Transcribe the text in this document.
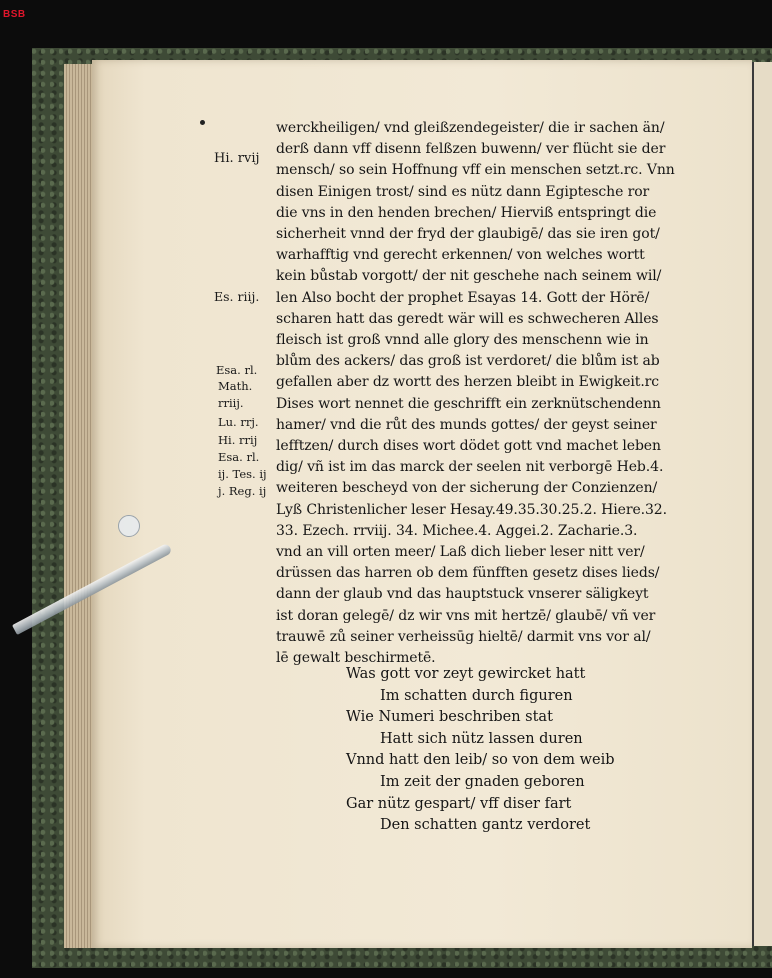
BSB
Hi. rvij
Es. riij.
Esa. rl.
Math.
rriij.
Lu. rrj.
Hi. rrij
Esa. rl.
ij. Tes. ij
j. Reg. ij
werckheiligen/ vnd gleißzendegeister/ die ir sachen än/
derß dann vff disenn felßzen buwenn/ ver flücht sie der
mensch/ so sein Hoffnung vff ein menschen setzt.rc. Vnn
disen Einigen trost/ sind es nütz dann Egiptesche ror
die vns in den henden brechen/ Hierviß entspringt die
sicherheit vnnd der fryd der glaubigē/ das sie iren got/
warhafftig vnd gerecht erkennen/ von welches wortt
kein bůstab vorgott/ der nit geschehe nach seinem wil/
len Also bocht der prophet Esayas 14. Gott der Hörē/
scharen hatt das geredt wär will es schwecheren Alles
fleisch ist groß vnnd alle glory des menschenn wie in
blům des ackers/ das groß ist verdoret/ die blům ist ab
gefallen aber dz wortt des herzen bleibt in Ewigkeit.rc
Dises wort nennet die geschrifft ein zerknütschendenn
hamer/ vnd die růt des munds gottes/ der geyst seiner
lefftzen/ durch dises wort dödet gott vnd machet leben
dig/ vñ ist im das marck der seelen nit verborgē Heb.4.
weiteren bescheyd von der sicherung der Conzienzen/
Lyß Christenlicher leser Hesay.49.35.30.25.2. Hiere.32.
33. Ezech. rrviij. 34. Michee.4. Aggei.2. Zacharie.3.
vnd an vill orten meer/ Laß dich lieber leser nitt ver/
drüssen das harren ob dem fünfften gesetz dises lieds/
dann der glaub vnd das hauptstuck vnserer säligkeyt
ist doran gelegē/ dz wir vns mit hertzē/ glaubē/ vñ ver
trauwē zů seiner verheissūg hieltē/ darmit vns vor al/
lē gewalt beschirmetē.
Was gott vor zeyt gewircket hatt
Im schatten durch figuren
Wie Numeri beschriben stat
Hatt sich nütz lassen duren
Vnnd hatt den leib/ so von dem weib
Im zeit der gnaden geboren
Gar nütz gespart/ vff diser fart
Den schatten gantz verdoret
